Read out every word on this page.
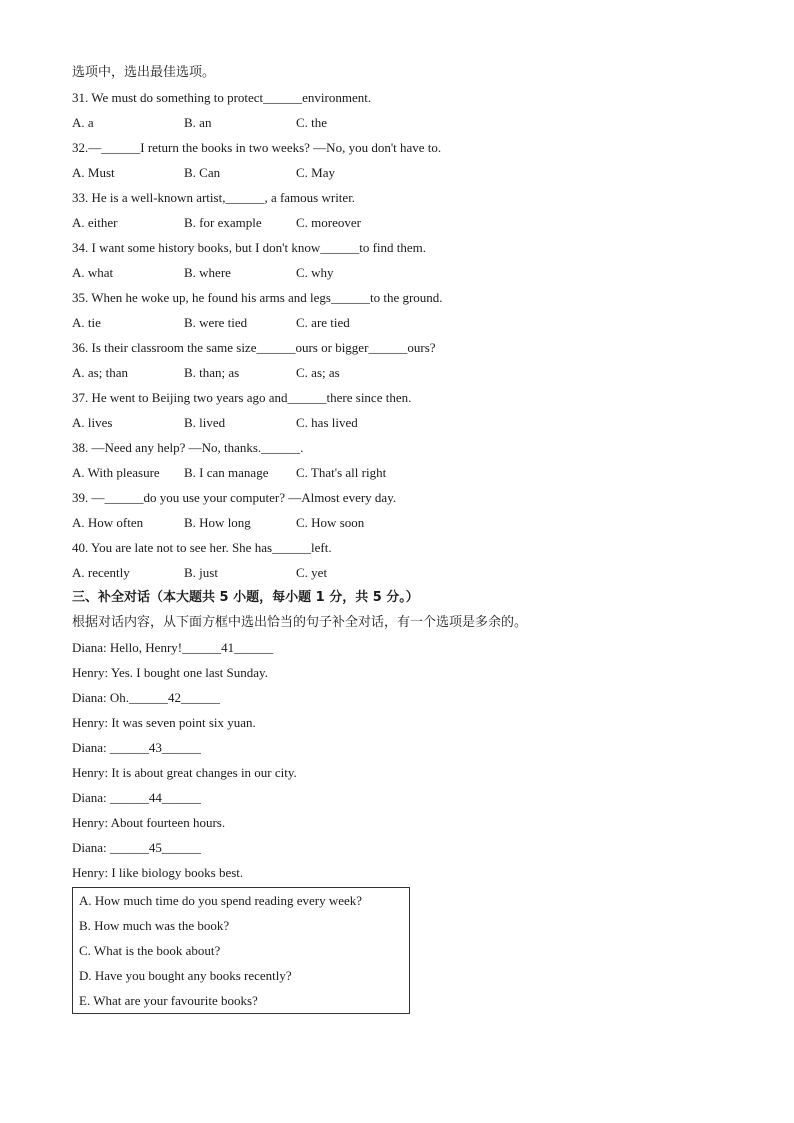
选项中，选出最佳选项。
31. We must do something to protect______environment.
A. a	B. an	C. the
32.—______I return the books in two weeks? —No, you don't have to.
A. Must	B. Can	C. May
33. He is a well-known artist,______, a famous writer.
A. either	B. for example	C. moreover
34. I want some history books, but I don't know______to find them.
A. what	B. where	C. why
35. When he woke up, he found his arms and legs______to the ground.
A. tie	B. were tied	C. are tied
36. Is their classroom the same size______ours or bigger______ours?
A. as; than	B. than; as	C. as; as
37. He went to Beijing two years ago and______there since then.
A. lives	B. lived	C. has lived
38. —Need any help? —No, thanks.______.
A. With pleasure B. I can manage C. That's all right
39. —______do you use your computer? —Almost every day.
A. How often	B. How long	C. How soon
40. You are late not to see her. She has______left.
A. recently	B. just	C. yet
三、补全对话（本大题共 5 小题，每小题 1 分，共 5 分。）
根据对话内容，从下面方框中选出恰当的句子补全对话，有一个选项是多余的。
Diana: Hello, Henry!______41______
Henry: Yes. I bought one last Sunday.
Diana: Oh.______42______
Henry: It was seven point six yuan.
Diana: ______43______
Henry: It is about great changes in our city.
Diana: ______44______
Henry: About fourteen hours.
Diana: ______45______
Henry: I like biology books best.
A. How much time do you spend reading every week?
B. How much was the book?
C. What is the book about?
D. Have you bought any books recently?
E. What are your favourite books?
